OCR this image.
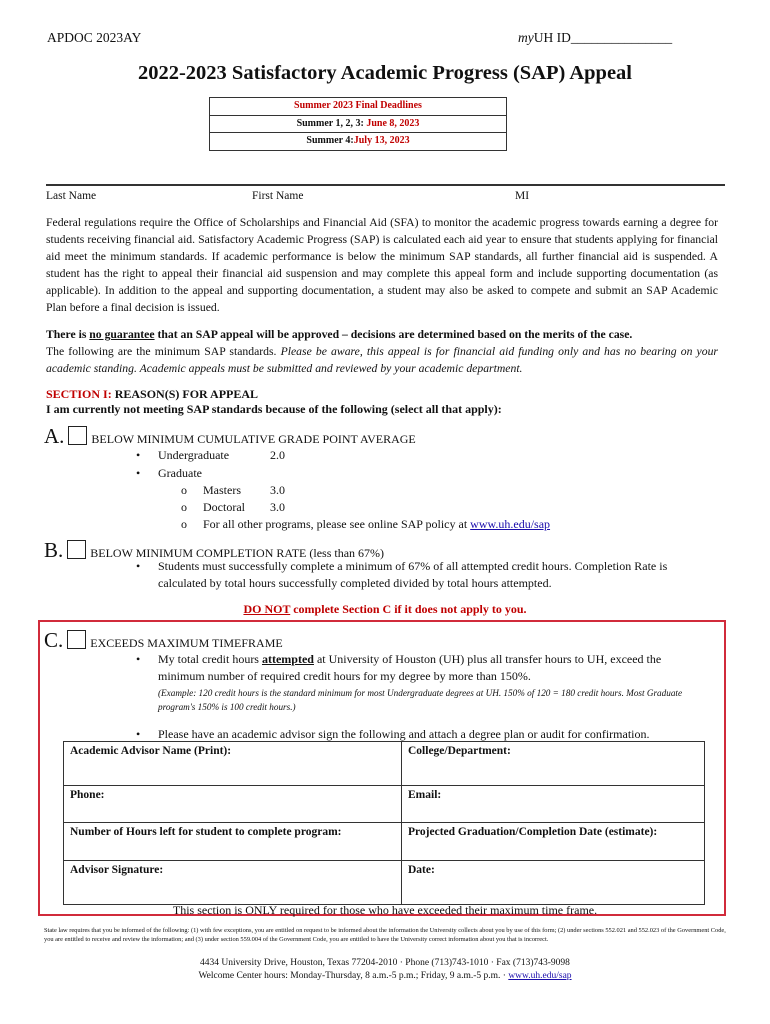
APDOC 2023AY	myUH ID_______________
2022-2023 Satisfactory Academic Progress (SAP) Appeal
Summer 2023 Final Deadlines
Summer 1, 2, 3: June 8, 2023
Summer 4:July 13, 2023
Last Name	First Name	MI
Federal regulations require the Office of Scholarships and Financial Aid (SFA) to monitor the academic progress towards earning a degree for students receiving financial aid. Satisfactory Academic Progress (SAP) is calculated each aid year to ensure that students applying for financial aid meet the minimum standards. If academic performance is below the minimum SAP standards, all further financial aid is suspended. A student has the right to appeal their financial aid suspension and may complete this appeal form and include supporting documentation (as applicable). In addition to the appeal and supporting documentation, a student may also be asked to compete and submit an SAP Academic Plan before a final decision is issued.
There is no guarantee that an SAP appeal will be approved – decisions are determined based on the merits of the case.
The following are the minimum SAP standards. Please be aware, this appeal is for financial aid funding only and has no bearing on your academic standing. Academic appeals must be submitted and reviewed by your academic department.
SECTION I: REASON(S) FOR APPEAL
I am currently not meeting SAP standards because of the following (select all that apply):
A. BELOW MINIMUM CUMULATIVE GRADE POINT AVERAGE
• Undergraduate	2.0
• Graduate
o Masters 3.0
o Doctoral 3.0
o For all other programs, please see online SAP policy at www.uh.edu/sap
B. BELOW MINIMUM COMPLETION RATE (less than 67%)
• Students must successfully complete a minimum of 67% of all attempted credit hours. Completion Rate is calculated by total hours successfully completed divided by total hours attempted.
DO NOT complete Section C if it does not apply to you.
C. EXCEEDS MAXIMUM TIMEFRAME
• My total credit hours attempted at University of Houston (UH) plus all transfer hours to UH, exceed the minimum number of required credit hours for my degree by more than 150%.
(Example: 120 credit hours is the standard minimum for most Undergraduate degrees at UH. 150% of 120 = 180 credit hours. Most Graduate program's 150% is 100 credit hours.)
• Please have an academic advisor sign the following and attach a degree plan or audit for confirmation.
Academic Advisor Name (Print):	College/Department:
Phone:	Email:
Number of Hours left for student to complete program:	Projected Graduation/Completion Date (estimate):
Advisor Signature:	Date:
This section is ONLY required for those who have exceeded their maximum time frame.
State law requires that you be informed of the following: (1) with few exceptions, you are entitled on request to be informed about the information the University collects about you by use of this form; (2) under sections 552.021 and 552.023 of the Government Code, you are entitled to receive and review the information; and (3) under section 559.004 of the Government Code, you are entitled to have the University correct information about you that is incorrect.
4434 University Drive, Houston, Texas 77204-2010 · Phone (713)743-1010 · Fax (713)743-9098
Welcome Center hours: Monday-Thursday, 8 a.m.-5 p.m.; Friday, 9 a.m.-5 p.m. · www.uh.edu/sap
